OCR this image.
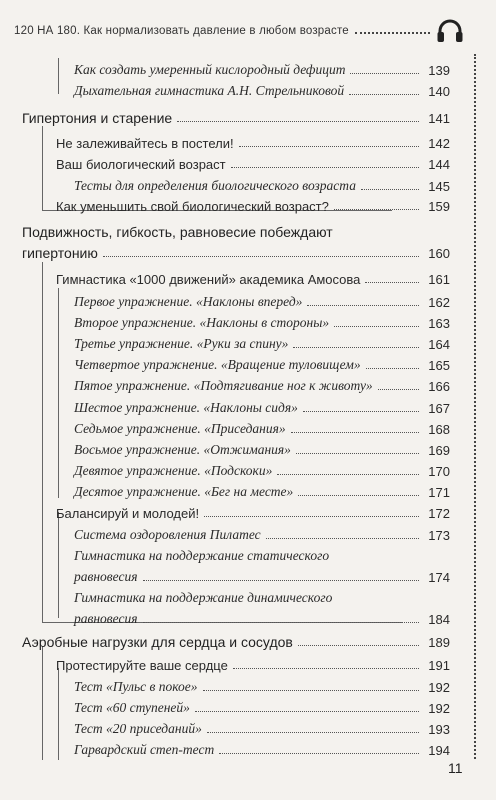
120 НА 180. Как нормализовать давление в любом возрасте
Как создать умеренный кислородный дефицит	139
Дыхательная гимнастика А.Н. Стрельниковой	140
Гипертония и старение	141
Не залеживайтесь в постели!	142
Ваш биологический возраст	144
Тесты для определения биологического возраста	145
Как уменьшить свой биологический возраст?	159
Подвижность, гибкость, равновесие побеждают
гипертонию	160
Гимнастика «1000 движений» академика Амосова	161
Первое упражнение. «Наклоны вперед»	162
Второе упражнение. «Наклоны в стороны»	163
Третье упражнение. «Руки за спину»	164
Четвертое упражнение. «Вращение туловищем»	165
Пятое упражнение. «Подтягивание ног к животу»	166
Шестое упражнение. «Наклоны сидя»	167
Седьмое упражнение. «Приседания»	168
Восьмое упражнение. «Отжимания»	169
Девятое упражнение. «Подскоки»	170
Десятое упражнение. «Бег на месте»	171
Балансируй и молодей!	172
Система оздоровления Пилатес	173
Гимнастика на поддержание статического
равновесия	174
Гимнастика на поддержание динамического
равновесия	184
Аэробные нагрузки для сердца и сосудов	189
Протестируйте ваше сердце	191
Тест «Пульс в покое»	192
Тест «60 ступеней»	192
Тест «20 приседаний»	193
Гарвардский степ-тест	194
11
